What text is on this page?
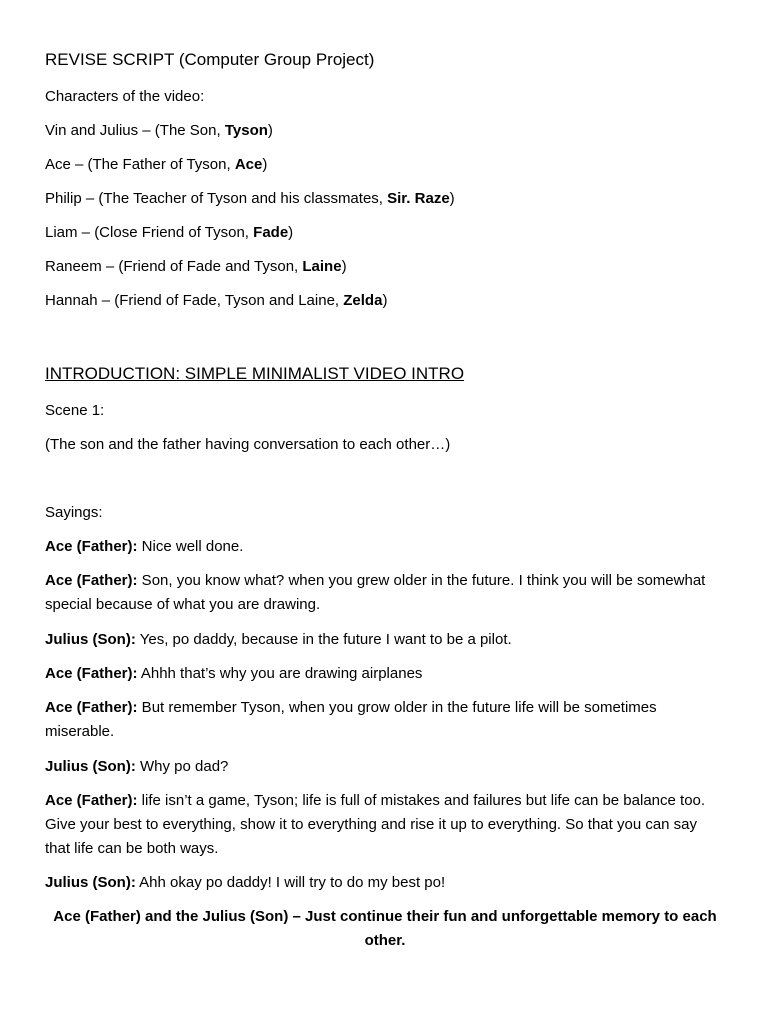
REVISE SCRIPT (Computer Group Project)
Characters of the video:
Vin and Julius – (The Son, Tyson)
Ace – (The Father of Tyson, Ace)
Philip – (The Teacher of Tyson and his classmates, Sir. Raze)
Liam – (Close Friend of Tyson, Fade)
Raneem – (Friend of Fade and Tyson, Laine)
Hannah – (Friend of Fade, Tyson and Laine, Zelda)
INTRODUCTION: SIMPLE MINIMALIST VIDEO INTRO
Scene 1:
(The son and the father having conversation to each other…)
Sayings:
Ace (Father): Nice well done.
Ace (Father): Son, you know what? when you grew older in the future. I think you will be somewhat special because of what you are drawing.
Julius (Son): Yes, po daddy, because in the future I want to be a pilot.
Ace (Father): Ahhh that’s why you are drawing airplanes
Ace (Father): But remember Tyson, when you grow older in the future life will be sometimes miserable.
Julius (Son): Why po dad?
Ace (Father): life isn’t a game, Tyson; life is full of mistakes and failures but life can be balance too. Give your best to everything, show it to everything and rise it up to everything. So that you can say that life can be both ways.
Julius (Son): Ahh okay po daddy! I will try to do my best po!
Ace (Father) and the Julius (Son) – Just continue their fun and unforgettable memory to each other.
